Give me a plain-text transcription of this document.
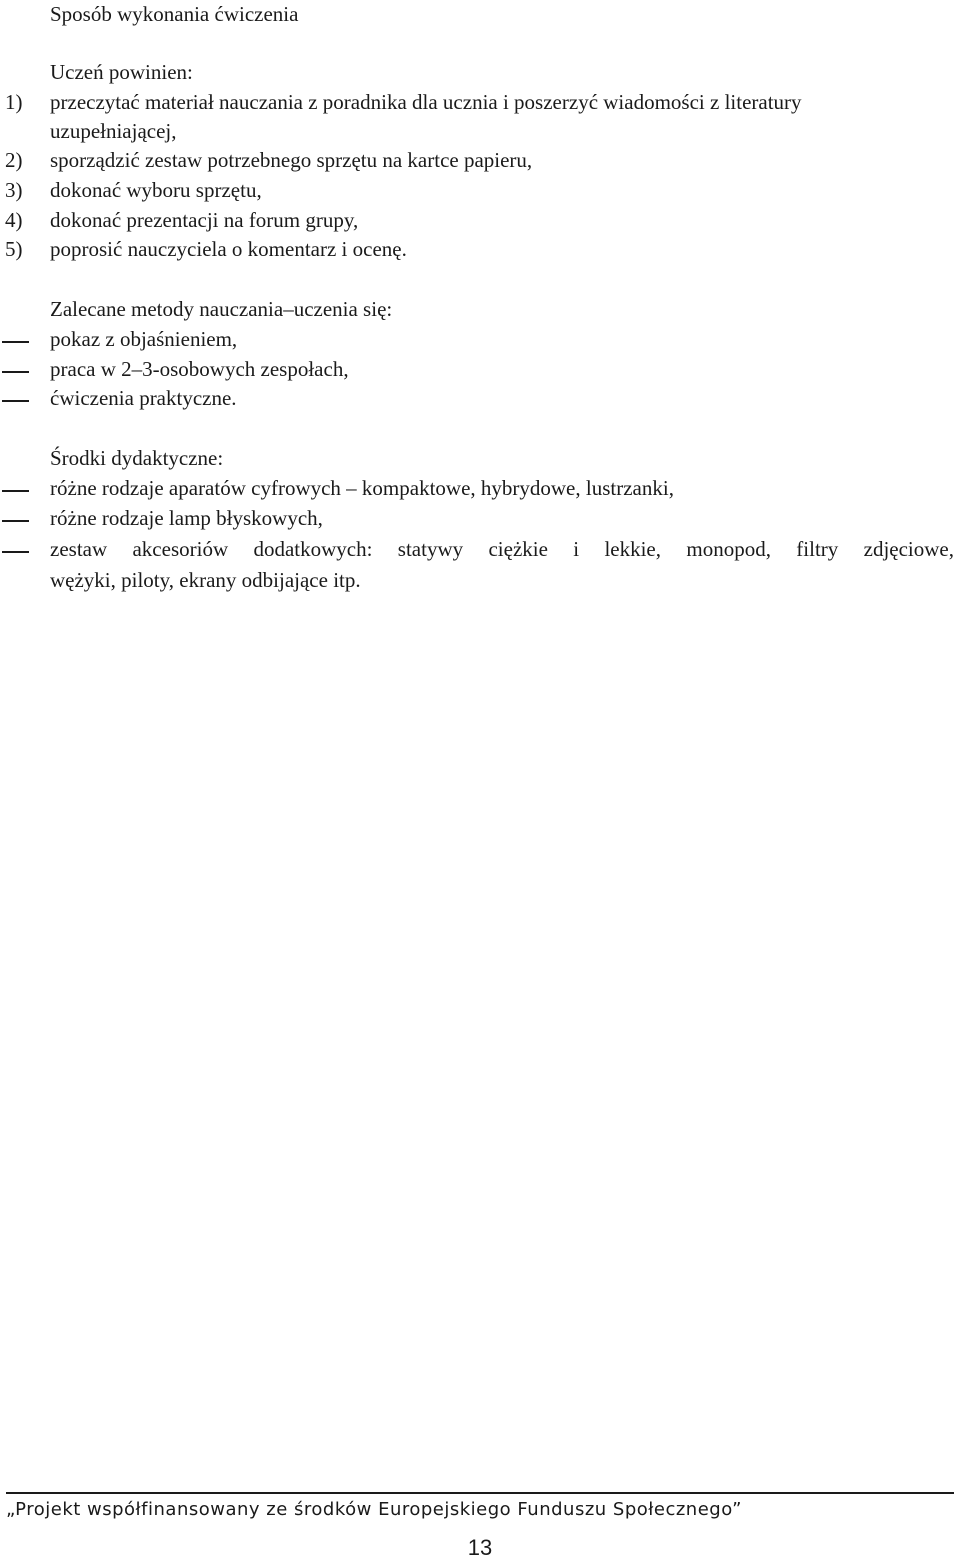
Sposób wykonania ćwiczenia
Uczeń powinien:
1) przeczytać materiał nauczania z poradnika dla ucznia i poszerzyć wiadomości z literatury
uzupełniającej,
2) sporządzić zestaw potrzebnego sprzętu na kartce papieru,
3) dokonać wyboru sprzętu,
4) dokonać prezentacji na forum grupy,
5) poprosić nauczyciela o komentarz i ocenę.
Zalecane metody nauczania–uczenia się:
pokaz z objaśnieniem,
praca w 2–3-osobowych zespołach,
ćwiczenia praktyczne.
Środki dydaktyczne:
różne rodzaje aparatów cyfrowych – kompaktowe, hybrydowe, lustrzanki,
różne rodzaje lamp błyskowych,
zestaw akcesoriów dodatkowych: statywy ciężkie i lekkie, monopod, filtry zdjęciowe,
wężyki, piloty, ekrany odbijające itp.
„Projekt współfinansowany ze środków Europejskiego Funduszu Społecznego”
13
